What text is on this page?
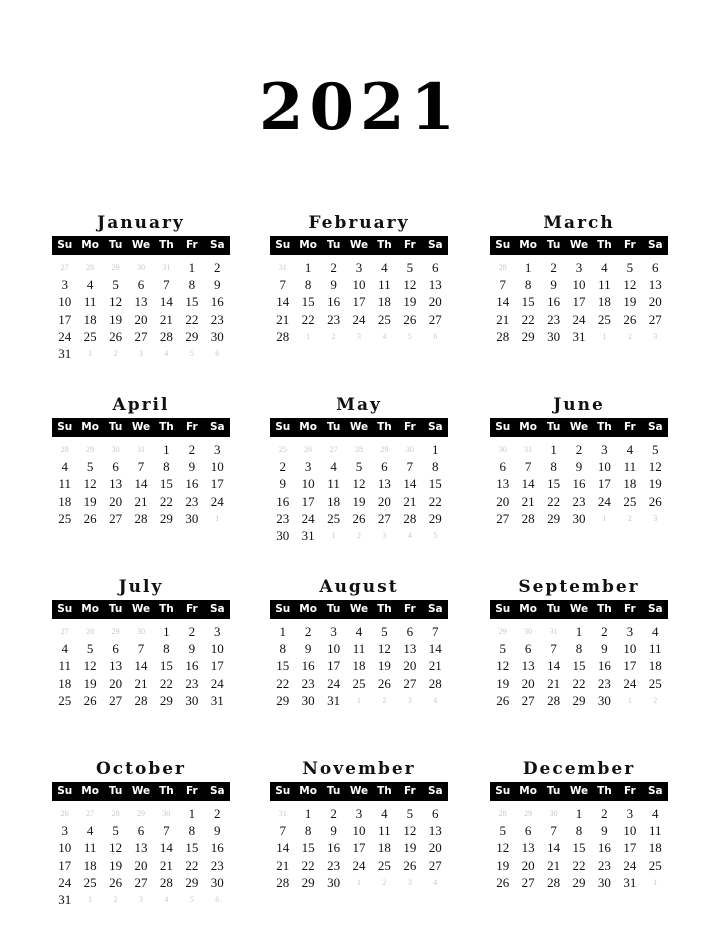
2021
January
Su Mo Tu We Th	Fr	Sa
27	28	29	30	31	1	2
3	4	5	6	7	8	9
10 11 12 13 14 15 16
17 18 19 20 21 22 23
24 25 26 27 28 29 30
31	1	2	3	4	5	6
February
Su Mo Tu We Th	Fr	Sa
31	1	2	3	4	5	6
7	8	9	10 11 12 13
14 15 16 17 18 19 20
21 22 23 24 25 26 27
28	1	2	3	4	5	6
March
Su Mo Tu We Th	Fr	Sa
28	1	2	3	4	5	6
7	8	9	10 11 12 13
14 15 16 17 18 19 20
21 22 23 24 25 26 27
28 29 30 31	1	2	3
April
Su Mo Tu We Th	Fr	Sa
28	29	30	31	1	2	3
4	5	6	7	8	9	10
11 12 13 14 15 16 17
18 19 20 21 22 23 24
25 26 27 28 29 30	1
May
Su Mo Tu We Th	Fr	Sa
25	26	27	28	29	30	1
2	3	4	5	6	7	8
9	10 11 12 13 14 15
16 17 18 19 20 21 22
23 24 25 26 27 28 29
30 31	1	2	3	4	5
June
Su Mo Tu We Th	Fr	Sa
30	31	1	2	3	4	5
6	7	8	9	10 11 12
13 14 15 16 17 18 19
20 21 22 23 24 25 26
27 28 29 30	1	2	3
July
Su Mo Tu We Th	Fr	Sa
27	28	29	30	1	2	3
4	5	6	7	8	9	10
11 12 13 14 15 16 17
18 19 20 21 22 23 24
25 26 27 28 29 30 31
August
Su Mo Tu We Th	Fr	Sa
1	2	3	4	5	6	7
8	9	10 11 12 13 14
15 16 17 18 19 20 21
22 23 24 25 26 27 28
29 30 31	1	2	3	4
September
Su Mo Tu We Th	Fr	Sa
29	30	31	1	2	3	4
5	6	7	8	9	10 11
12 13 14 15 16 17 18
19 20 21 22 23 24 25
26 27 28 29 30	1	2
October
Su Mo Tu We Th	Fr	Sa
26	27	28	29	30	1	2
3	4	5	6	7	8	9
10 11 12 13 14 15 16
17 18 19 20 21 22 23
24 25 26 27 28 29 30
31	1	2	3	4	5	6
November
Su Mo Tu We Th	Fr	Sa
31	1	2	3	4	5	6
7	8	9	10 11 12 13
14 15 16 17 18 19 20
21 22 23 24 25 26 27
28 29 30	1	2	3	4
December
Su Mo Tu We Th	Fr	Sa
28	29	30	1	2	3	4
5	6	7	8	9	10 11
12 13 14 15 16 17 18
19 20 21 22 23 24 25
26 27 28 29 30 31	1
